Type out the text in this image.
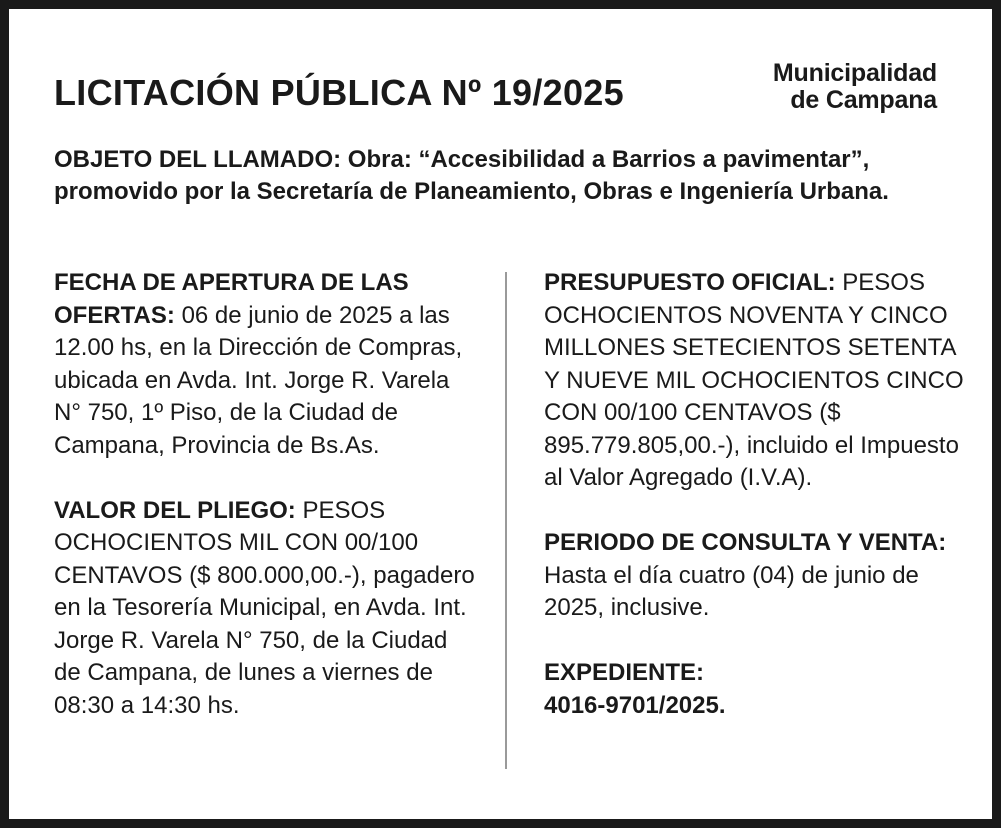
LICITACIÓN PÚBLICA Nº 19/2025	Municipalidad
de Campana

OBJETO DEL LLAMADO: Obra: “Accesibilidad a Barrios a pavimentar”, promovido por la Secretaría de Planeamiento, Obras e Ingeniería Urbana.

FECHA DE APERTURA DE LAS OFERTAS: 06 de junio de 2025 a las 12.00 hs, en la Dirección de Compras, ubicada en Avda. Int. Jorge R. Varela N° 750, 1º Piso, de la Ciudad de Campana, Provincia de Bs.As.

VALOR DEL PLIEGO: PESOS OCHOCIENTOS MIL CON 00/100 CENTAVOS ($ 800.000,00.-), pagadero en la Tesorería Municipal, en Avda. Int. Jorge R. Varela N° 750, de la Ciudad de Campana, de lunes a viernes de 08:30 a 14:30 hs.

PRESUPUESTO OFICIAL: PESOS OCHOCIENTOS NOVENTA Y CINCO MILLONES SETECIENTOS SETENTA Y NUEVE MIL OCHOCIENTOS CINCO CON 00/100 CENTAVOS ($ 895.779.805,00.-), incluido el Impuesto al Valor Agregado (I.V.A).

PERIODO DE CONSULTA Y VENTA: Hasta el día cuatro (04) de junio de 2025, inclusive.

EXPEDIENTE:
4016-9701/2025.
